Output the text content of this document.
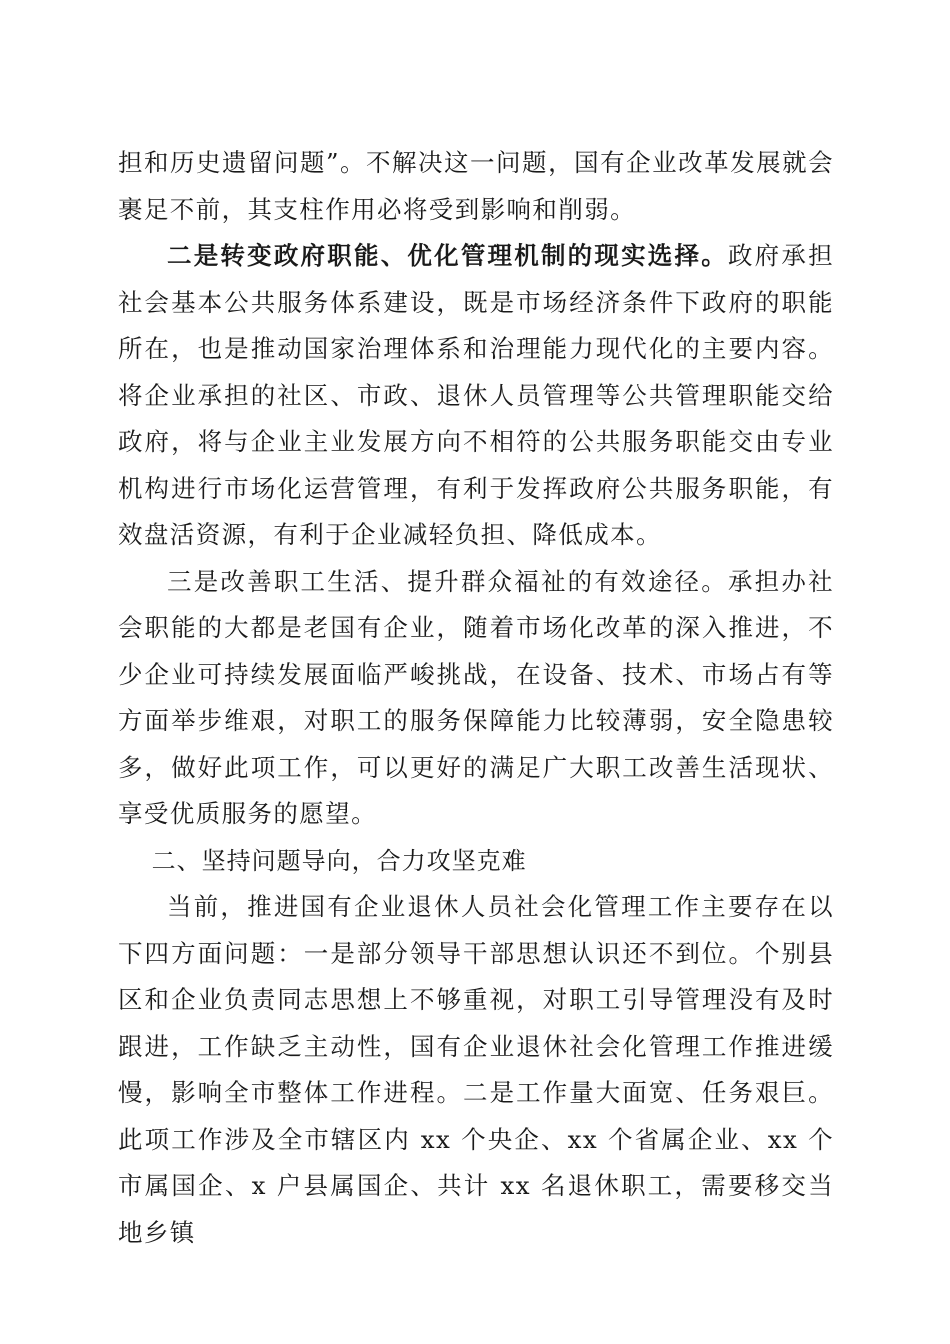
担和历史遗留问题”。不解决这一问题，国有企业改革发展就会裹足不前，其支柱作用必将受到影响和削弱。

二是转变政府职能、优化管理机制的现实选择。政府承担社会基本公共服务体系建设，既是市场经济条件下政府的职能所在，也是推动国家治理体系和治理能力现代化的主要内容。将企业承担的社区、市政、退休人员管理等公共管理职能交给政府，将与企业主业发展方向不相符的公共服务职能交由专业机构进行市场化运营管理，有利于发挥政府公共服务职能，有效盘活资源，有利于企业减轻负担、降低成本。

三是改善职工生活、提升群众福祉的有效途径。承担办社会职能的大都是老国有企业，随着市场化改革的深入推进，不少企业可持续发展面临严峻挑战，在设备、技术、市场占有等方面举步维艰，对职工的服务保障能力比较薄弱，安全隐患较多，做好此项工作，可以更好的满足广大职工改善生活现状、享受优质服务的愿望。

二、坚持问题导向，合力攻坚克难

当前，推进国有企业退休人员社会化管理工作主要存在以下四方面问题：一是部分领导干部思想认识还不到位。个别县区和企业负责同志思想上不够重视，对职工引导管理没有及时跟进，工作缺乏主动性，国有企业退休社会化管理工作推进缓慢，影响全市整体工作进程。二是工作量大面宽、任务艰巨。此项工作涉及全市辖区内 xx 个央企、xx 个省属企业、xx 个市属国企、x 户县属国企、共计 xx 名退休职工，需要移交当地乡镇
